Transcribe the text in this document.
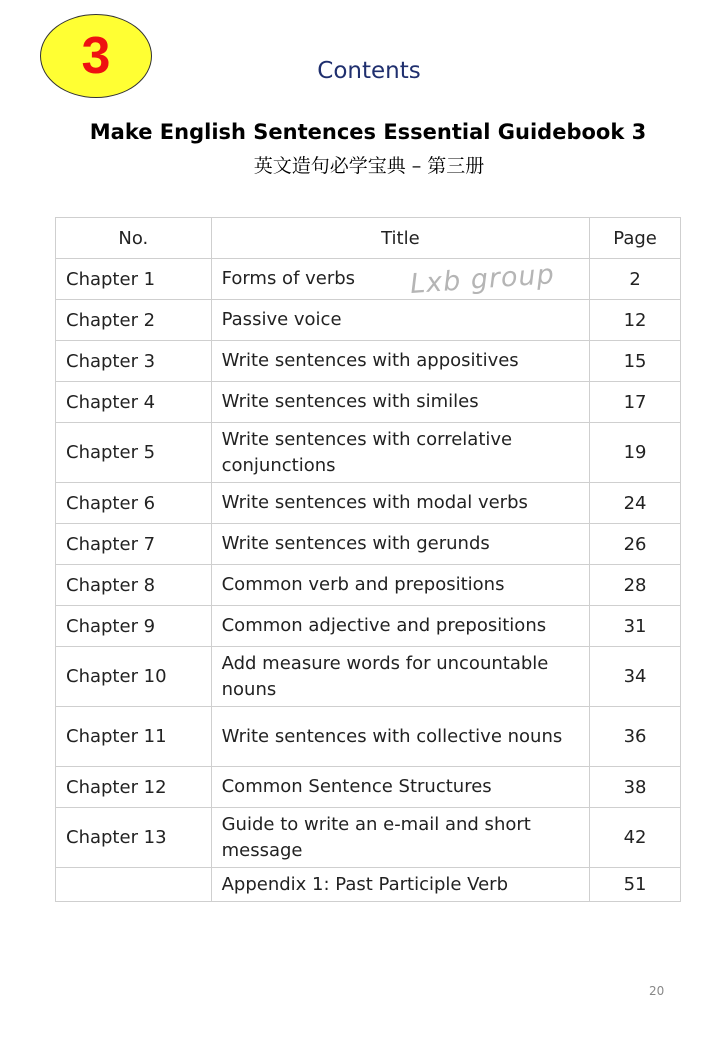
3	Contents
Make English Sentences Essential Guidebook 3
英文造句必学宝典 – 第三册
No.	Title	Page
Chapter 1	Forms of verbs	2
Chapter 2	Passive voice	12
Chapter 3	Write sentences with appositives	15
Chapter 4	Write sentences with similes	17
Chapter 5	Write sentences with correlative conjunctions	19
Chapter 6	Write sentences with modal verbs	24
Chapter 7	Write sentences with gerunds	26
Chapter 8	Common verb and prepositions	28
Chapter 9	Common adjective and prepositions	31
Chapter 10	Add measure words for uncountable nouns	34
Chapter 11	Write sentences with collective nouns	36
Chapter 12	Common Sentence Structures	38
Chapter 13	Guide to write an e-mail and short message	42

	Appendix 1: Past Participle Verb	51
Lxb group
20
